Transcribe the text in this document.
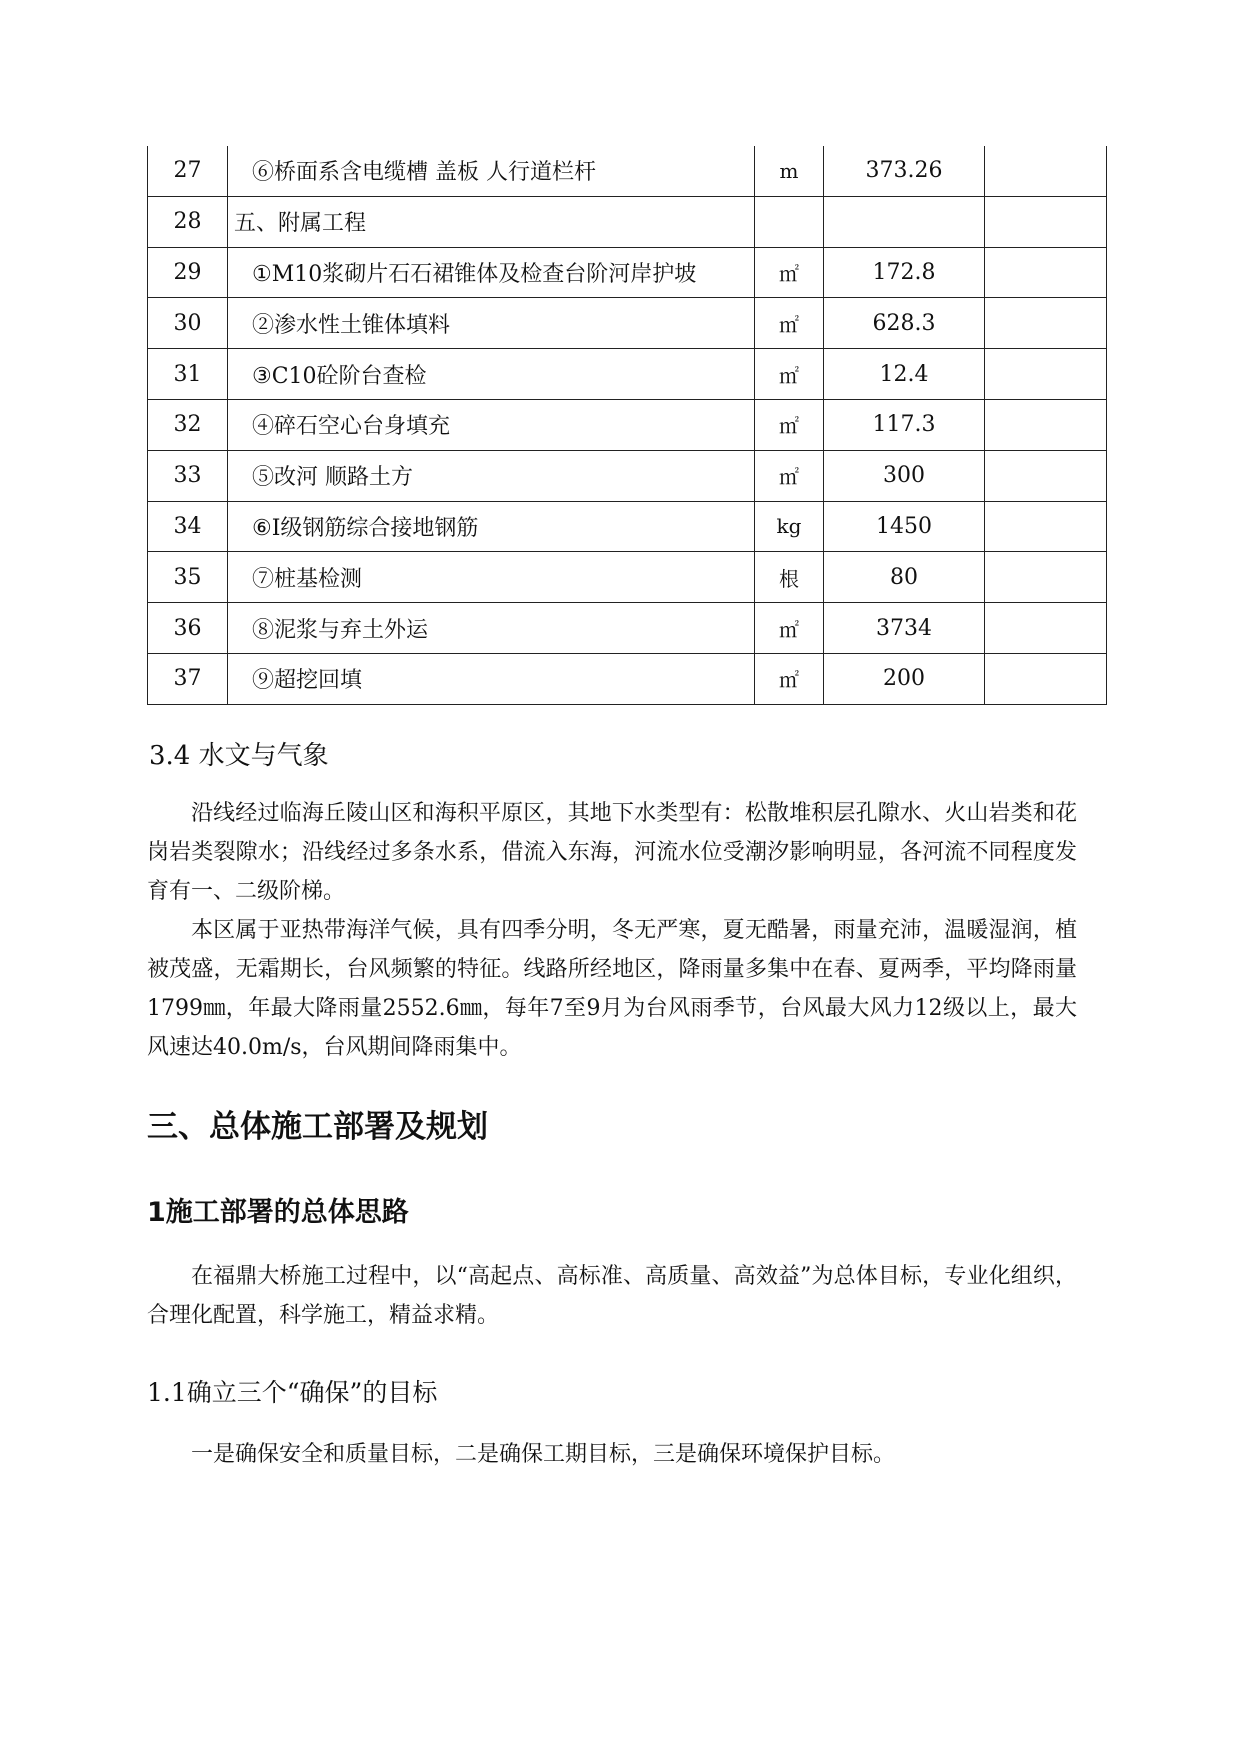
27	⑥桥面系含电缆槽 盖板 人行道栏杆	m	373.26	
28	五、附属工程			
29	①M10浆砌片石石裙锥体及检查台阶河岸护坡	㎡	172.8	
30	②渗水性土锥体填料	㎡	628.3	
31	③C10砼阶台查检	㎡	12.4	
32	④碎石空心台身填充	㎡	117.3	
33	⑤改河 顺路土方	㎡	300	
34	⑥Ⅰ级钢筋综合接地钢筋	kg	1450	
35	⑦桩基检测	根	80	
36	⑧泥浆与弃土外运	㎡	3734	
37	⑨超挖回填	㎡	200	
3.4 水文与气象

沿线经过临海丘陵山区和海积平原区，其地下水类型有：松散堆积层孔隙水、火山岩类和花岗岩类裂隙水；沿线经过多条水系，借流入东海，河流水位受潮汐影响明显，各河流不同程度发育有一、二级阶梯。

本区属于亚热带海洋气候，具有四季分明，冬无严寒，夏无酷暑，雨量充沛，温暖湿润，植被茂盛，无霜期长，台风频繁的特征。线路所经地区，降雨量多集中在春、夏两季，平均降雨量1799㎜，年最大降雨量2552.6㎜，每年7至9月为台风雨季节，台风最大风力12级以上，最大风速达40.0m/s，台风期间降雨集中。

三、总体施工部署及规划
1施工部署的总体思路

在福鼎大桥施工过程中，以“高起点、高标准、高质量、高效益”为总体目标，专业化组织，合理化配置，科学施工，精益求精。

1.1确立三个“确保”的目标

一是确保安全和质量目标，二是确保工期目标，三是确保环境保护目标。
